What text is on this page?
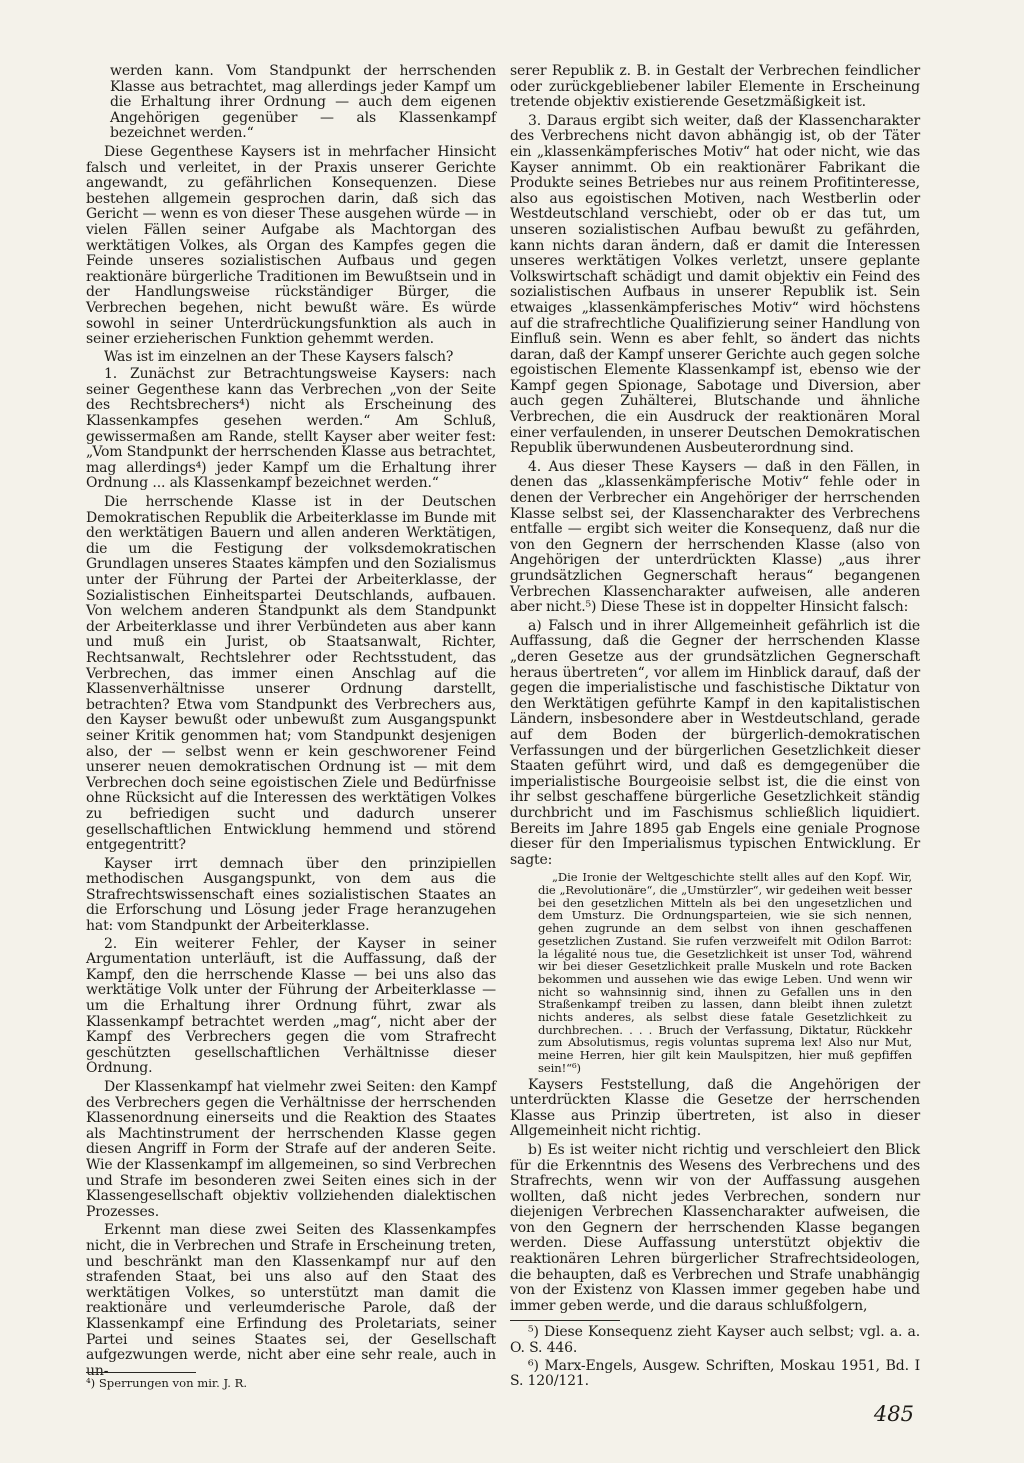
werden kann. Vom Standpunkt der herrschenden Klasse aus betrachtet, mag allerdings jeder Kampf um die Erhaltung ihrer Ordnung — auch dem eigenen Angehörigen gegenüber — als Klassenkampf bezeichnet werden.“

Diese Gegenthese Kaysers ist in mehrfacher Hinsicht falsch und verleitet, in der Praxis unserer Gerichte angewandt, zu gefährlichen Konsequenzen. Diese bestehen allgemein gesprochen darin, daß sich das Gericht — wenn es von dieser These ausgehen würde — in vielen Fällen seiner Aufgabe als Machtorgan des werktätigen Volkes, als Organ des Kampfes gegen die Feinde unseres sozialistischen Aufbaus und gegen reaktionäre bürgerliche Traditionen im Bewußtsein und in der Handlungsweise rückständiger Bürger, die Verbrechen begehen, nicht bewußt wäre. Es würde sowohl in seiner Unterdrückungsfunktion als auch in seiner erzieherischen Funktion gehemmt werden.

Was ist im einzelnen an der These Kaysers falsch?

1. Zunächst zur Betrachtungsweise Kaysers: nach seiner Gegenthese kann das Verbrechen „von der Seite des Rechtsbrechers⁴) nicht als Erscheinung des Klassenkampfes gesehen werden.“ Am Schluß, gewissermaßen am Rande, stellt Kayser aber weiter fest: „Vom Standpunkt der herrschenden Klasse aus betrachtet, mag allerdings⁴) jeder Kampf um die Erhaltung ihrer Ordnung ... als Klassenkampf bezeichnet werden.“

Die herrschende Klasse ist in der Deutschen Demokratischen Republik die Arbeiterklasse im Bunde mit den werktätigen Bauern und allen anderen Werktätigen, die um die Festigung der volksdemokratischen Grundlagen unseres Staates kämpfen und den Sozialismus unter der Führung der Partei der Arbeiterklasse, der Sozialistischen Einheitspartei Deutschlands, aufbauen. Von welchem anderen Standpunkt als dem Standpunkt der Arbeiterklasse und ihrer Verbündeten aus aber kann und muß ein Jurist, ob Staatsanwalt, Richter, Rechtsanwalt, Rechtslehrer oder Rechtsstudent, das Verbrechen, das immer einen Anschlag auf die Klassenverhältnisse unserer Ordnung darstellt, betrachten? Etwa vom Standpunkt des Verbrechers aus, den Kayser bewußt oder unbewußt zum Ausgangspunkt seiner Kritik genommen hat; vom Standpunkt desjenigen also, der — selbst wenn er kein geschworener Feind unserer neuen demokratischen Ordnung ist — mit dem Verbrechen doch seine egoistischen Ziele und Bedürfnisse ohne Rücksicht auf die Interessen des werktätigen Volkes zu befriedigen sucht und dadurch unserer gesellschaftlichen Entwicklung hemmend und störend entgegentritt?

Kayser irrt demnach über den prinzipiellen methodischen Ausgangspunkt, von dem aus die Strafrechtswissenschaft eines sozialistischen Staates an die Erforschung und Lösung jeder Frage heranzugehen hat: vom Standpunkt der Arbeiterklasse.

2. Ein weiterer Fehler, der Kayser in seiner Argumentation unterläuft, ist die Auffassung, daß der Kampf, den die herrschende Klasse — bei uns also das werktätige Volk unter der Führung der Arbeiterklasse — um die Erhaltung ihrer Ordnung führt, zwar als Klassenkampf betrachtet werden „mag“, nicht aber der Kampf des Verbrechers gegen die vom Strafrecht geschützten gesellschaftlichen Verhältnisse dieser Ordnung.

Der Klassenkampf hat vielmehr zwei Seiten: den Kampf des Verbrechers gegen die Verhältnisse der herrschenden Klassenordnung einerseits und die Reaktion des Staates als Machtinstrument der herrschenden Klasse gegen diesen Angriff in Form der Strafe auf der anderen Seite. Wie der Klassenkampf im allgemeinen, so sind Verbrechen und Strafe im besonderen zwei Seiten eines sich in der Klassengesellschaft objektiv vollziehenden dialektischen Prozesses.

Erkennt man diese zwei Seiten des Klassenkampfes nicht, die in Verbrechen und Strafe in Erscheinung treten, und beschränkt man den Klassenkampf nur auf den strafenden Staat, bei uns also auf den Staat des werktätigen Volkes, so unterstützt man damit die reaktionäre und verleumderische Parole, daß der Klassenkampf eine Erfindung des Proletariats, seiner Partei und seines Staates sei, der Gesellschaft aufgezwungen werde, nicht aber eine sehr reale, auch in un-

⁴) Sperrungen von mir. J. R.

serer Republik z. B. in Gestalt der Verbrechen feindlicher oder zurückgebliebener labiler Elemente in Erscheinung tretende objektiv existierende Gesetzmäßigkeit ist.

3. Daraus ergibt sich weiter, daß der Klassencharakter des Verbrechens nicht davon abhängig ist, ob der Täter ein „klassenkämpferisches Motiv“ hat oder nicht, wie das Kayser annimmt. Ob ein reaktionärer Fabrikant die Produkte seines Betriebes nur aus reinem Profitinteresse, also aus egoistischen Motiven, nach Westberlin oder Westdeutschland verschiebt, oder ob er das tut, um unseren sozialistischen Aufbau bewußt zu gefährden, kann nichts daran ändern, daß er damit die Interessen unseres werktätigen Volkes verletzt, unsere geplante Volkswirtschaft schädigt und damit objektiv ein Feind des sozialistischen Aufbaus in unserer Republik ist. Sein etwaiges „klassenkämpferisches Motiv“ wird höchstens auf die strafrechtliche Qualifizierung seiner Handlung von Einfluß sein. Wenn es aber fehlt, so ändert das nichts daran, daß der Kampf unserer Gerichte auch gegen solche egoistischen Elemente Klassenkampf ist, ebenso wie der Kampf gegen Spionage, Sabotage und Diversion, aber auch gegen Zuhälterei, Blutschande und ähnliche Verbrechen, die ein Ausdruck der reaktionären Moral einer verfaulenden, in unserer Deutschen Demokratischen Republik überwundenen Ausbeuterordnung sind.

4. Aus dieser These Kaysers — daß in den Fällen, in denen das „klassenkämpferische Motiv“ fehle oder in denen der Verbrecher ein Angehöriger der herrschenden Klasse selbst sei, der Klassencharakter des Verbrechens entfalle — ergibt sich weiter die Konsequenz, daß nur die von den Gegnern der herrschenden Klasse (also von Angehörigen der unterdrückten Klasse) „aus ihrer grundsätzlichen Gegnerschaft heraus“ begangenen Verbrechen Klassencharakter aufweisen, alle anderen aber nicht.⁵) Diese These ist in doppelter Hinsicht falsch:

a) Falsch und in ihrer Allgemeinheit gefährlich ist die Auffassung, daß die Gegner der herrschenden Klasse „deren Gesetze aus der grundsätzlichen Gegnerschaft heraus übertreten“, vor allem im Hinblick darauf, daß der gegen die imperialistische und faschistische Diktatur von den Werktätigen geführte Kampf in den kapitalistischen Ländern, insbesondere aber in Westdeutschland, gerade auf dem Boden der bürgerlich-demokratischen Verfassungen und der bürgerlichen Gesetzlichkeit dieser Staaten geführt wird, und daß es demgegenüber die imperialistische Bourgeoisie selbst ist, die die einst von ihr selbst geschaffene bürgerliche Gesetzlichkeit ständig durchbricht und im Faschismus schließlich liquidiert. Bereits im Jahre 1895 gab Engels eine geniale Prognose dieser für den Imperialismus typischen Entwicklung. Er sagte:

„Die Ironie der Weltgeschichte stellt alles auf den Kopf. Wir, die „Revolutionäre“, die „Umstürzler“, wir gedeihen weit besser bei den gesetzlichen Mitteln als bei den ungesetzlichen und dem Umsturz. Die Ordnungsparteien, wie sie sich nennen, gehen zugrunde an dem selbst von ihnen geschaffenen gesetzlichen Zustand. Sie rufen verzweifelt mit Odilon Barrot: la légalité nous tue, die Gesetzlichkeit ist unser Tod, während wir bei dieser Gesetzlichkeit pralle Muskeln und rote Backen bekommen und aussehen wie das ewige Leben. Und wenn wir nicht so wahnsinnig sind, ihnen zu Gefallen uns in den Straßenkampf treiben zu lassen, dann bleibt ihnen zuletzt nichts anderes, als selbst diese fatale Gesetzlichkeit zu durchbrechen. . . . Bruch der Verfassung, Diktatur, Rückkehr zum Absolutismus, regis voluntas suprema lex! Also nur Mut, meine Herren, hier gilt kein Maulspitzen, hier muß gepfiffen sein!“⁶)

Kaysers Feststellung, daß die Angehörigen der unterdrückten Klasse die Gesetze der herrschenden Klasse aus Prinzip übertreten, ist also in dieser Allgemeinheit nicht richtig.

b) Es ist weiter nicht richtig und verschleiert den Blick für die Erkenntnis des Wesens des Verbrechens und des Strafrechts, wenn wir von der Auffassung ausgehen wollten, daß nicht jedes Verbrechen, sondern nur diejenigen Verbrechen Klassencharakter aufweisen, die von den Gegnern der herrschenden Klasse begangen werden. Diese Auffassung unterstützt objektiv die reaktionären Lehren bürgerlicher Strafrechtsideologen, die behaupten, daß es Verbrechen und Strafe unabhängig von der Existenz von Klassen immer gegeben habe und immer geben werde, und die daraus schlußfolgern,

⁵) Diese Konsequenz zieht Kayser auch selbst; vgl. a. a. O. S. 446.

⁶) Marx-Engels, Ausgew. Schriften, Moskau 1951, Bd. I S. 120/121.

485
